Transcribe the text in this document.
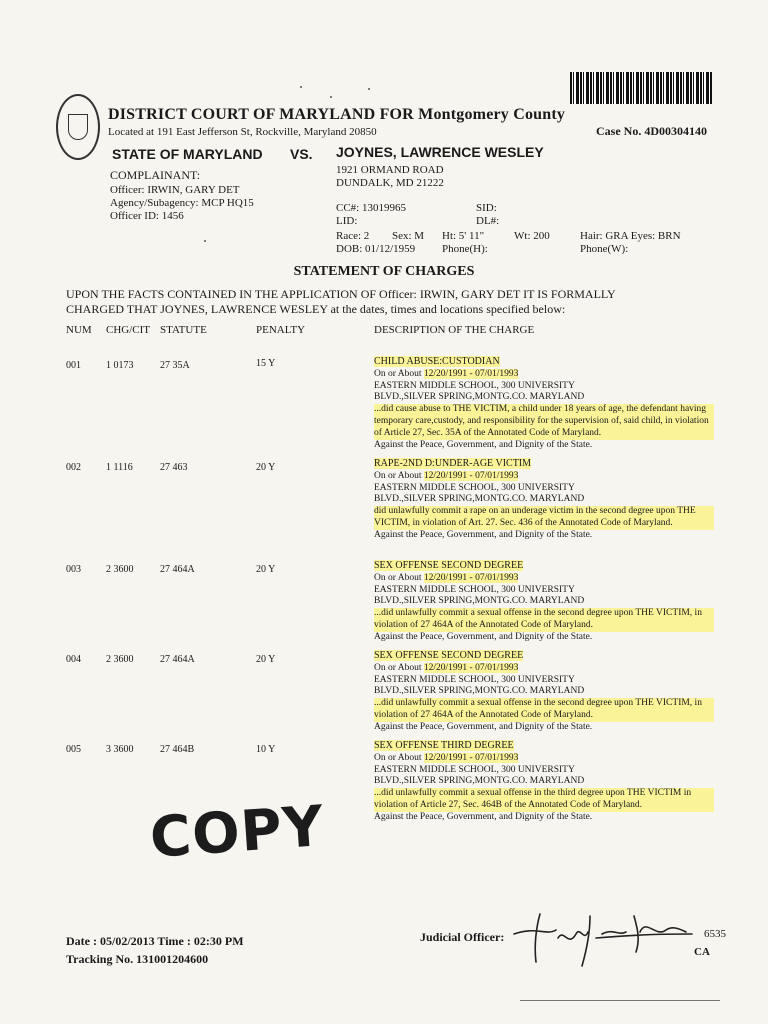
DISTRICT COURT OF MARYLAND FOR Montgomery County
Located at 191 East Jefferson St, Rockville, Maryland 20850	Case No. 4D00304140
STATE OF MARYLAND VS. JOYNES, LAWRENCE WESLEY
COMPLAINANT:
Officer: IRWIN, GARY DET
Agency/Subagency: MCP HQ15
Officer ID: 1456
1921 ORMAND ROAD
DUNDALK, MD 21222
CC#: 13019965	SID:
LID:	DL#:
Race: 2 Sex: M Ht: 5' 11"	Wt: 200	Hair: GRA Eyes: BRN
DOB: 01/12/1959 Phone(H):	Phone(W):
STATEMENT OF CHARGES
UPON THE FACTS CONTAINED IN THE APPLICATION OF Officer: IRWIN, GARY DET IT IS FORMALLY
CHARGED THAT JOYNES, LAWRENCE WESLEY at the dates, times and locations specified below:
NUM CHG/CIT STATUTE	PENALTY	DESCRIPTION OF THE CHARGE
001	1 0173	27 35A	15 Y	CHILD ABUSE:CUSTODIAN
On or About 12/20/1991 - 07/01/1993
EASTERN MIDDLE SCHOOL, 300 UNIVERSITY
BLVD.,SILVER SPRING,MONTG.CO. MARYLAND
...did cause abuse to THE VICTIM, a child under 18 years of age, the defendant having temporary care,custody, and responsibility for the supervision of, said child, in violation of Article 27, Sec. 35A of the Annotated Code of Maryland.
Against the Peace, Government, and Dignity of the State.
002	1 1116	27 463	20 Y	RAPE-2ND D:UNDER-AGE VICTIM
On or About 12/20/1991 - 07/01/1993
EASTERN MIDDLE SCHOOL, 300 UNIVERSITY
BLVD.,SILVER SPRING,MONTG.CO. MARYLAND
did unlawfully commit a rape on an underage victim in the second degree upon THE VICTIM, in violation of Art. 27. Sec. 436 of the Annotated Code of Maryland.
Against the Peace, Government, and Dignity of the State.
003	2 3600	27 464A	20 Y	SEX OFFENSE SECOND DEGREE
On or About 12/20/1991 - 07/01/1993
EASTERN MIDDLE SCHOOL, 300 UNIVERSITY
BLVD.,SILVER SPRING,MONTG.CO. MARYLAND
...did unlawfully commit a sexual offense in the second degree upon THE VICTIM, in violation of 27 464A of the Annotated Code of Maryland.
Against the Peace, Government, and Dignity of the State.
004	2 3600	27 464A	20 Y	SEX OFFENSE SECOND DEGREE
On or About 12/20/1991 - 07/01/1993
EASTERN MIDDLE SCHOOL, 300 UNIVERSITY
BLVD.,SILVER SPRING,MONTG.CO. MARYLAND
...did unlawfully commit a sexual offense in the second degree upon THE VICTIM, in violation of 27 464A of the Annotated Code of Maryland.
Against the Peace, Government, and Dignity of the State.
005	3 3600	27 464B	10 Y	SEX OFFENSE THIRD DEGREE
On or About 12/20/1991 - 07/01/1993
EASTERN MIDDLE SCHOOL, 300 UNIVERSITY
BLVD.,SILVER SPRING,MONTG.CO. MARYLAND
...did unlawfully commit a sexual offense in the third degree upon THE VICTIM in violation of Article 27, Sec. 464B of the Annotated Code of Maryland.
Against the Peace, Government, and Dignity of the State.
COPY
Date : 05/02/2013 Time : 02:30 PM
Tracking No. 131001204600
Judicial Officer:	6535
CA
